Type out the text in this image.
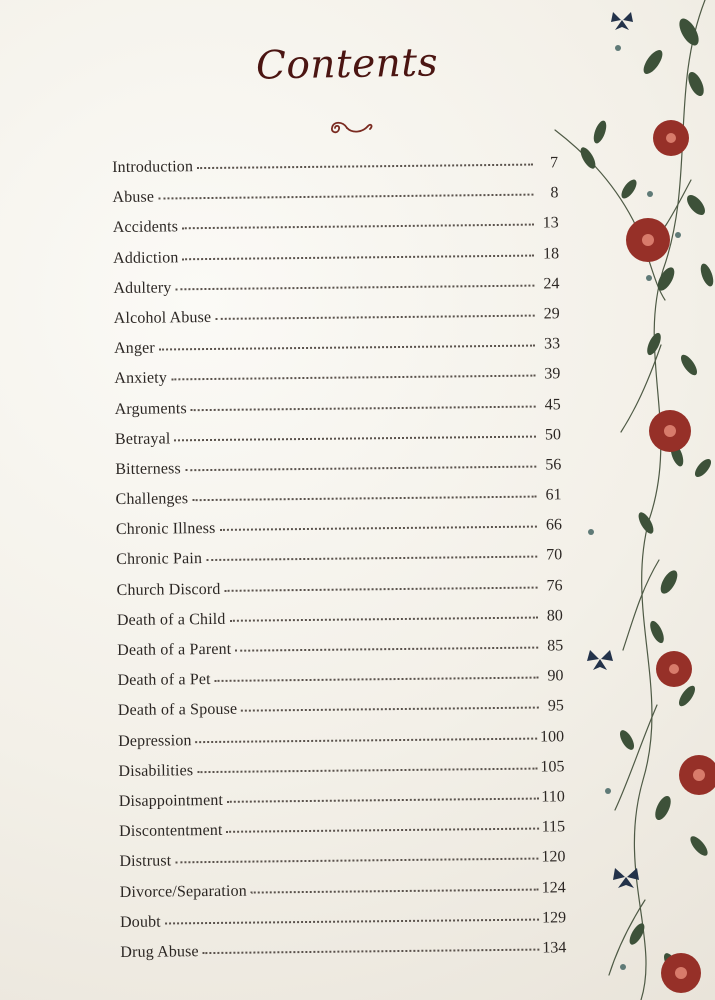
Contents
Introduction	7
Abuse	8
Accidents	13
Addiction	18
Adultery	24
Alcohol Abuse	29
Anger	33
Anxiety	39
Arguments	45
Betrayal	50
Bitterness	56
Challenges	61
Chronic Illness	66
Chronic Pain	70
Church Discord	76
Death of a Child	80
Death of a Parent	85
Death of a Pet	90
Death of a Spouse	95
Depression	100
Disabilities	105
Disappointment	110
Discontentment	115
Distrust	120
Divorce/Separation	124
Doubt	129
Drug Abuse	134
